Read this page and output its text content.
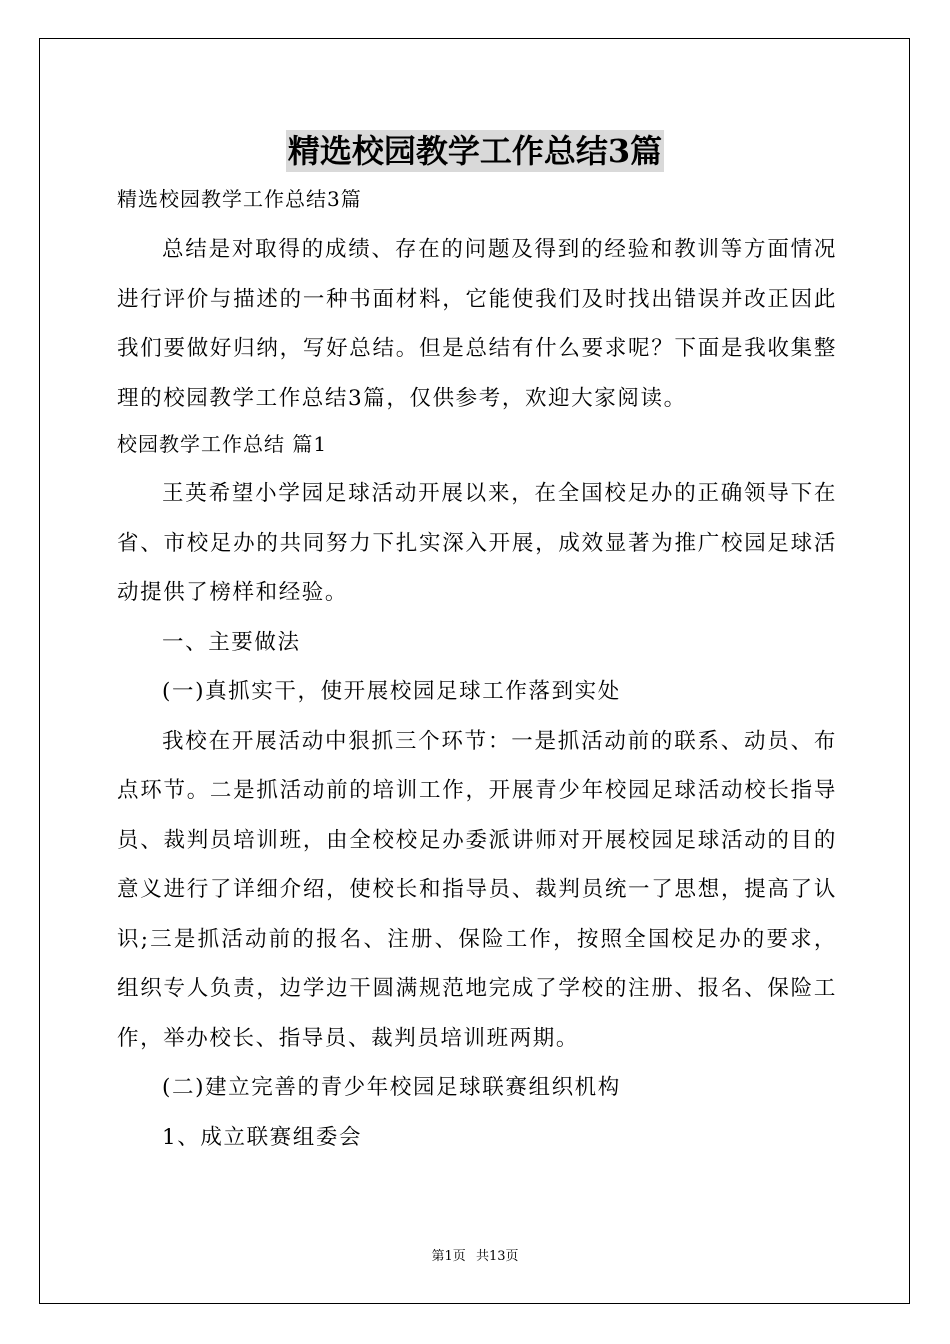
精选校园教学工作总结3篇
精选校园教学工作总结3篇

总结是对取得的成绩、存在的问题及得到的经验和教训等方面情况进行评价与描述的一种书面材料，它能使我们及时找出错误并改正因此我们要做好归纳，写好总结。但是总结有什么要求呢？下面是我收集整理的校园教学工作总结3篇，仅供参考，欢迎大家阅读。

校园教学工作总结 篇1

王英希望小学园足球活动开展以来，在全国校足办的正确领导下在省、市校足办的共同努力下扎实深入开展，成效显著为推广校园足球活动提供了榜样和经验。

一、主要做法

(一)真抓实干，使开展校园足球工作落到实处

我校在开展活动中狠抓三个环节：一是抓活动前的联系、动员、布点环节。二是抓活动前的培训工作，开展青少年校园足球活动校长指导员、裁判员培训班，由全校校足办委派讲师对开展校园足球活动的目的意义进行了详细介绍，使校长和指导员、裁判员统一了思想，提高了认识;三是抓活动前的报名、注册、保险工作，按照全国校足办的要求，组织专人负责，边学边干圆满规范地完成了学校的注册、报名、保险工作，举办校长、指导员、裁判员培训班两期。

(二)建立完善的青少年校园足球联赛组织机构

1、成立联赛组委会

第1页 共13页
